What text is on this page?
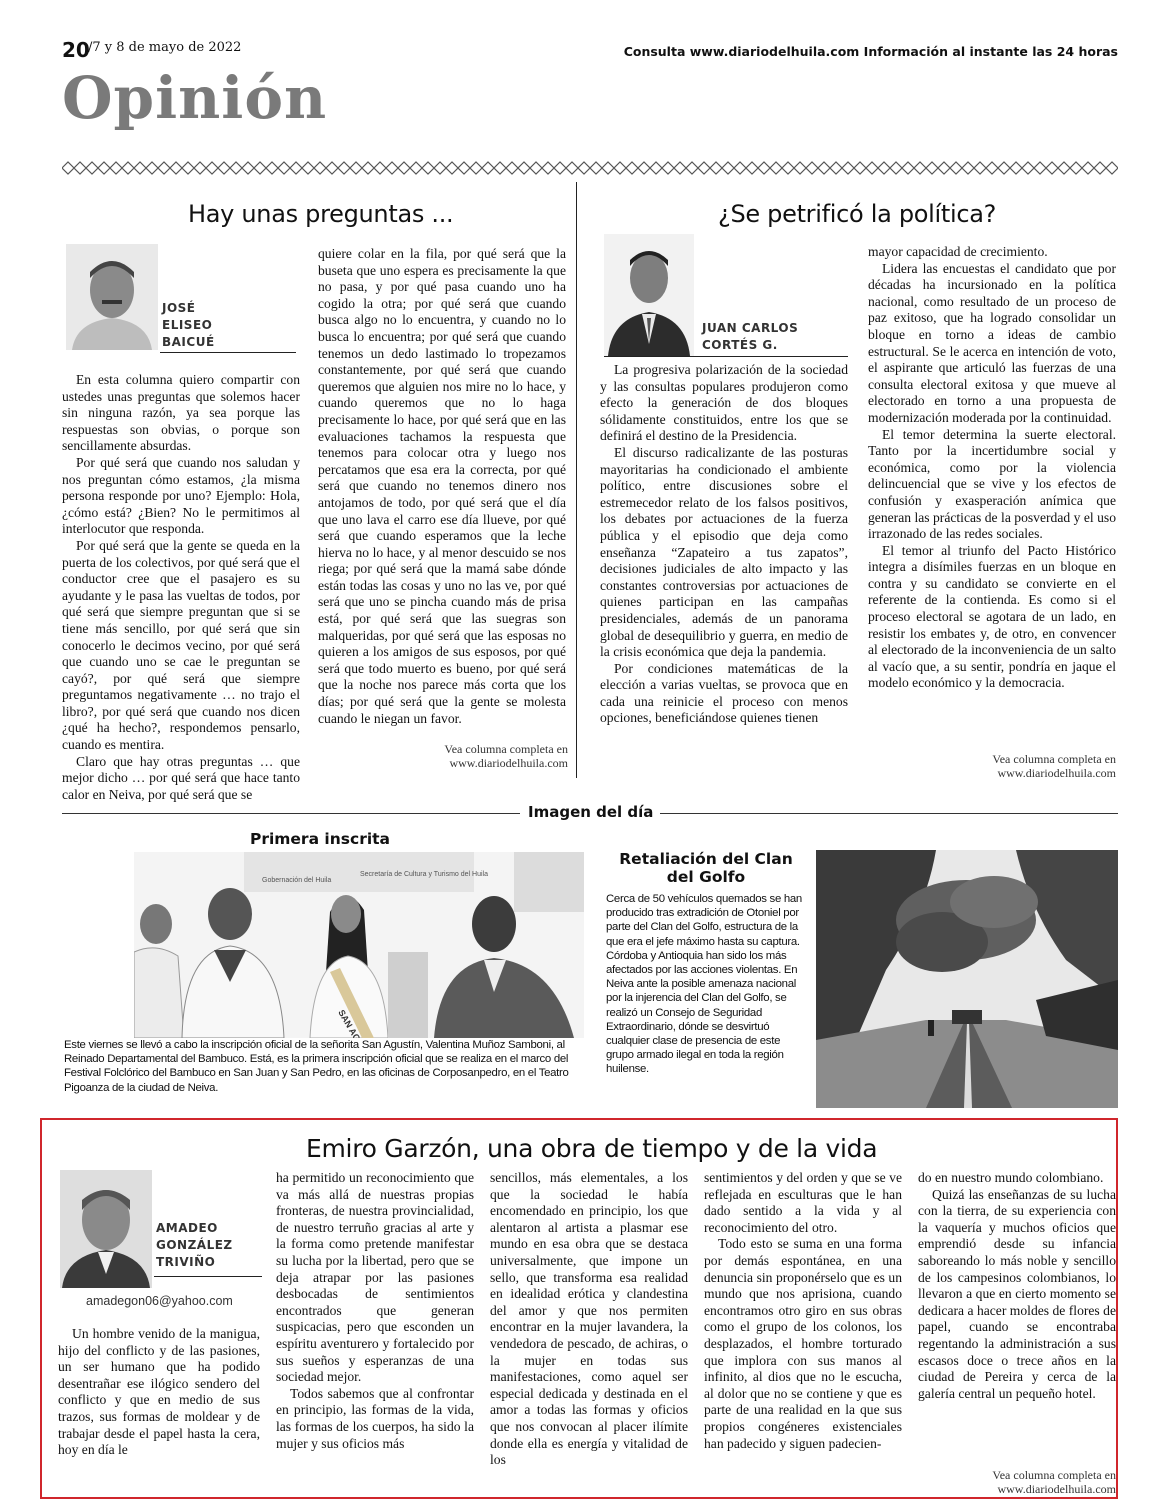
20
/7 y 8 de mayo de 2022	Consulta www.diariodelhuila.com Información al instante las 24 horas
Opinión
Hay unas preguntas ...
JOSÉ
ELISEO
BAICUÉ

En esta columna quiero compartir con ustedes unas preguntas que solemos hacer sin ninguna razón, ya sea porque las respuestas son obvias, o porque son sencillamente absurdas.

Por qué será que cuando nos saludan y nos preguntan cómo estamos, ¿la misma persona responde por uno? Ejemplo: Hola, ¿cómo está? ¿Bien? No le permitimos al interlocutor que responda.

Por qué será que la gente se queda en la puerta de los colectivos, por qué será que el conductor cree que el pasajero es su ayudante y le pasa las vueltas de todos, por qué será que siempre preguntan que si se tiene más sencillo, por qué será que sin conocerlo le decimos vecino, por qué será que cuando uno se cae le preguntan se cayó?, por qué será que siempre preguntamos negativamente … no trajo el libro?, por qué será que cuando nos dicen ¿qué ha hecho?, respondemos pensarlo, cuando es mentira.

Claro que hay otras preguntas … que mejor dicho … por qué será que hace tanto calor en Neiva, por qué será que se

quiere colar en la fila, por qué será que la buseta que uno espera es precisamente la que no pasa, y por qué pasa cuando uno ha cogido la otra; por qué será que cuando busca algo no lo encuentra, y cuando no lo busca lo encuentra; por qué será que cuando tenemos un dedo lastimado lo tropezamos constantemente, por qué será que cuando queremos que alguien nos mire no lo hace, y cuando queremos que no lo haga precisamente lo hace, por qué será que en las evaluaciones tachamos la respuesta que tenemos para colocar otra y luego nos percatamos que esa era la correcta, por qué será que cuando no tenemos dinero nos antojamos de todo, por qué será que el día que uno lava el carro ese día llueve, por qué será que cuando esperamos que la leche hierva no lo hace, y al menor descuido se nos riega; por qué será que la mamá sabe dónde están todas las cosas y uno no las ve, por qué será que uno se pincha cuando más de prisa está, por qué será que las suegras son malqueridas, por qué será que las esposas no quieren a los amigos de sus esposos, por qué será que todo muerto es bueno, por qué será que la noche nos parece más corta que los días; por qué será que la gente se molesta cuando le niegan un favor.

Vea columna completa en
www.diariodelhuila.com
¿Se petrificó la política?
JUAN CARLOS
CORTÉS G.

La progresiva polarización de la sociedad y las consultas populares produjeron como efecto la generación de dos bloques sólidamente constituidos, entre los que se definirá el destino de la Presidencia.

El discurso radicalizante de las posturas mayoritarias ha condicionado el ambiente político, entre discusiones sobre el estremecedor relato de los falsos positivos, los debates por actuaciones de la fuerza pública y el episodio que deja como enseñanza “Zapateiro a tus zapatos”, decisiones judiciales de alto impacto y las constantes controversias por actuaciones de quienes participan en las campañas presidenciales, además de un panorama global de desequilibrio y guerra, en medio de la crisis económica que deja la pandemia.

Por condiciones matemáticas de la elección a varias vueltas, se provoca que en cada una reinicie el proceso con menos opciones, beneficiándose quienes tienen

mayor capacidad de crecimiento.

Lidera las encuestas el candidato que por décadas ha incursionado en la política nacional, como resultado de un proceso de paz exitoso, que ha logrado consolidar un bloque en torno a ideas de cambio estructural. Se le acerca en intención de voto, el aspirante que articuló las fuerzas de una consulta electoral exitosa y que mueve al electorado en torno a una propuesta de modernización moderada por la continuidad.

El temor determina la suerte electoral. Tanto por la incertidumbre social y económica, como por la violencia delincuencial que se vive y los efectos de confusión y exasperación anímica que generan las prácticas de la posverdad y el uso irrazonado de las redes sociales.

El temor al triunfo del Pacto Histórico integra a disímiles fuerzas en un bloque en contra y su candidato se convierte en el referente de la contienda. Es como si el proceso electoral se agotara de un lado, en resistir los embates y, de otro, en convencer al electorado de la inconveniencia de un salto al vacío que, a su sentir, pondría en jaque el modelo económico y la democracia.

Vea columna completa en
www.diariodelhuila.com
Imagen del día
Primera inscrita
Gobernación del Huila
Secretaría de Cultura y Turismo del Huila
Este viernes se llevó a cabo la inscripción oficial de la señorita San Agustín, Valentina Muñoz Samboni, al Reinado Departamental del Bambuco. Está, es la primera inscripción oficial que se realiza en el marco del Festival Folclórico del Bambuco en San Juan y San Pedro, en las oficinas de Corposanpedro, en el Teatro Pigoanza de la ciudad de Neiva.
Retaliación del Clan del Golfo
Cerca de 50 vehículos quemados se han producido tras extradición de Otoniel por parte del Clan del Golfo, estructura de la que era el jefe máximo hasta su captura. Córdoba y Antioquia han sido los más afectados por las acciones violentas. En Neiva ante la posible amenaza nacional por la injerencia del Clan del Golfo, se realizó un Consejo de Seguridad Extraordinario, dónde se desvirtuó cualquier clase de presencia de este grupo armado ilegal en toda la región huilense.
Emiro Garzón, una obra de tiempo y de la vida
AMADEO
GONZÁLEZ
TRIVIÑO
amadegon06@yahoo.com

Un hombre venido de la manigua, hijo del conflicto y de las pasiones, un ser humano que ha podido desentrañar ese ilógico sendero del conflicto y que en medio de sus trazos, sus formas de moldear y de trabajar desde el papel hasta la cera, hoy en día le

ha permitido un reconocimiento que va más allá de nuestras propias fronteras, de nuestra provincialidad, de nuestro terruño gracias al arte y la forma como pretende manifestar su lucha por la libertad, pero que se deja atrapar por las pasiones desbocadas de sentimientos encontrados que generan suspicacias, pero que esconden un espíritu aventurero y fortalecido por sus sueños y esperanzas de una sociedad mejor.

Todos sabemos que al confrontar en principio, las formas de la vida, las formas de los cuerpos, ha sido la mujer y sus oficios más

sencillos, más elementales, a los que la sociedad le había encomendado en principio, los que alentaron al artista a plasmar ese mundo en esa obra que se destaca universalmente, que impone un sello, que transforma esa realidad en idealidad erótica y clandestina del amor y que nos permiten encontrar en la mujer lavandera, la vendedora de pescado, de achiras, o la mujer en todas sus manifestaciones, como aquel ser especial dedicada y destinada en el amor a todas las formas y oficios que nos convocan al placer ilímite donde ella es energía y vitalidad de los

sentimientos y del orden y que se ve reflejada en esculturas que le han dado sentido a la vida y al reconocimiento del otro.

Todo esto se suma en una forma por demás espontánea, en una denuncia sin proponérselo que es un mundo que nos aprisiona, cuando encontramos otro giro en sus obras como el grupo de los colonos, los desplazados, el hombre torturado que implora con sus manos al infinito, al dios que no le escucha, al dolor que no se contiene y que es parte de una realidad en la que sus propios congéneres existenciales han padecido y siguen padecien-

do en nuestro mundo colombiano.

Quizá las enseñanzas de su lucha con la tierra, de su experiencia con la vaquería y muchos oficios que emprendió desde su infancia saboreando lo más noble y sencillo de los campesinos colombianos, lo llevaron a que en cierto momento se dedicara a hacer moldes de flores de papel, cuando se encontraba regentando la administración a sus escasos doce o trece años en la ciudad de Pereira y cerca de la galería central un pequeño hotel.

Vea columna completa en
www.diariodelhuila.com
